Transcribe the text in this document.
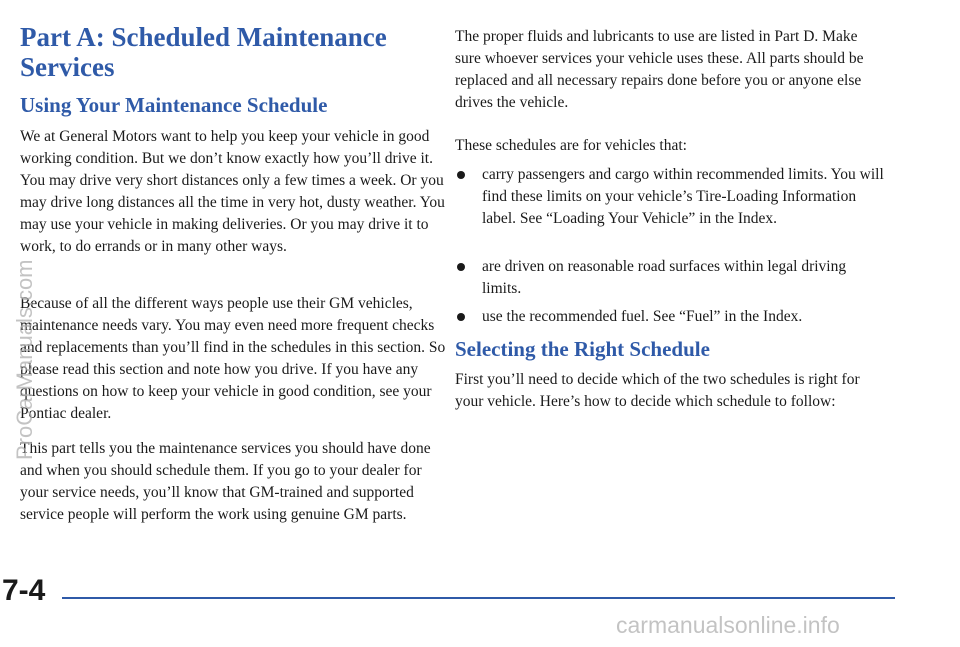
Part A: Scheduled Maintenance Services
Using Your Maintenance Schedule

We at General Motors want to help you keep your vehicle in good working condition. But we don’t know exactly how you’ll drive it. You may drive very short distances only a few times a week. Or you may drive long distances all the time in very hot, dusty weather. You may use your vehicle in making deliveries. Or you may drive it to work, to do errands or in many other ways.

Because of all the different ways people use their GM vehicles, maintenance needs vary. You may even need more frequent checks and replacements than you’ll find in the schedules in this section. So please read this section and note how you drive. If you have any questions on how to keep your vehicle in good condition, see your Pontiac dealer.

This part tells you the maintenance services you should have done and when you should schedule them. If you go to your dealer for your service needs, you’ll know that GM-trained and supported service people will perform the work using genuine GM parts.

The proper fluids and lubricants to use are listed in Part D. Make sure whoever services your vehicle uses these. All parts should be replaced and all necessary repairs done before you or anyone else drives the vehicle.

These schedules are for vehicles that:

carry passengers and cargo within recommended limits. You will find these limits on your vehicle’s Tire-Loading Information label. See “Loading Your Vehicle” in the Index.
are driven on reasonable road surfaces within legal driving limits.
use the recommended fuel. See “Fuel” in the Index.
Selecting the Right Schedule

First you’ll need to decide which of the two schedules is right for your vehicle. Here’s how to decide which schedule to follow:

7-4
carmanualsonline.info
ProCarManuals.com
